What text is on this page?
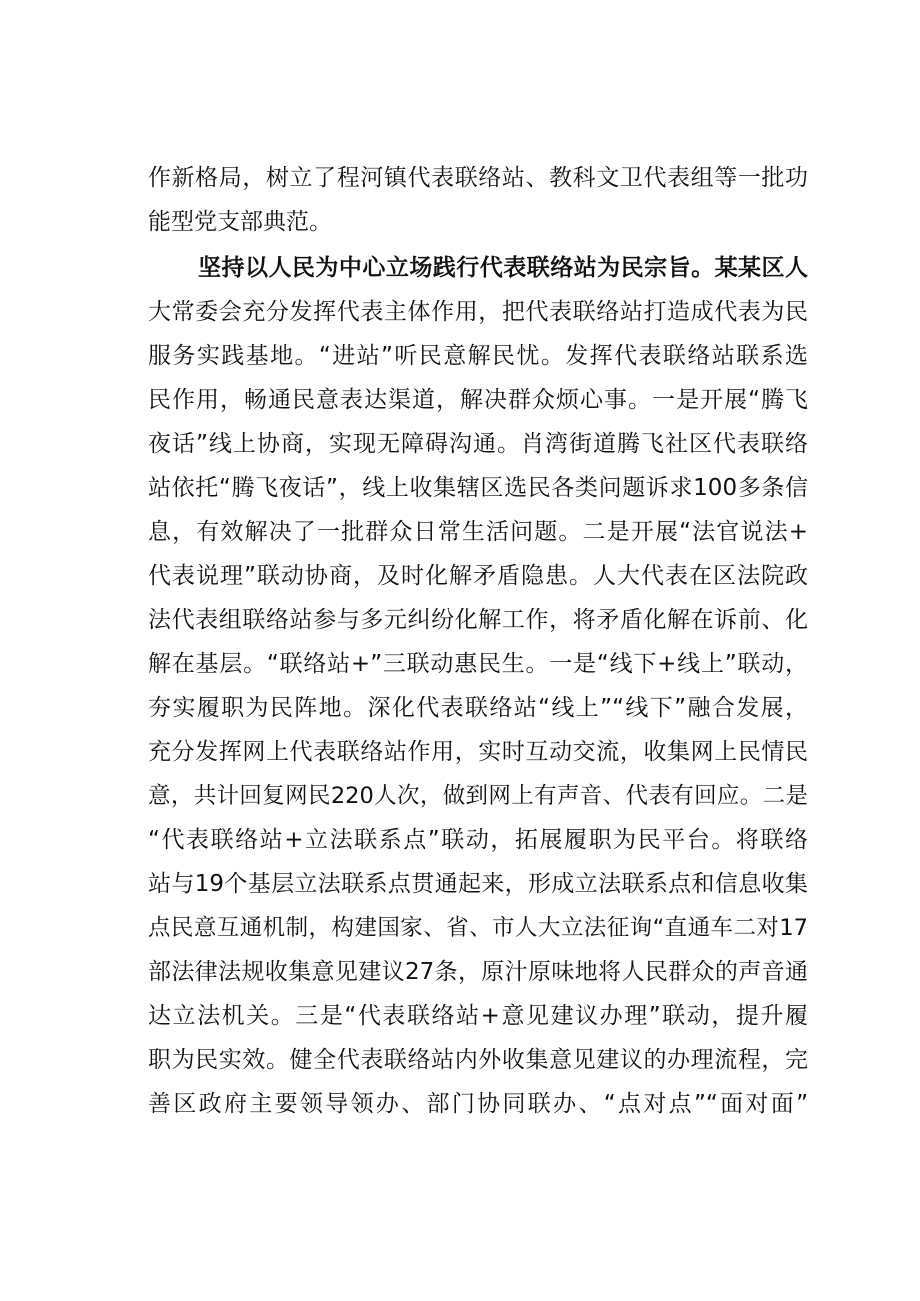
作新格局，树立了程河镇代表联络站、教科文卫代表组等一批功
能型党支部典范。
坚持以人民为中心立场践行代表联络站为民宗旨。某某区人
大常委会充分发挥代表主体作用，把代表联络站打造成代表为民
服务实践基地。“进站”听民意解民忧。发挥代表联络站联系选
民作用，畅通民意表达渠道，解决群众烦心事。一是开展“腾飞
夜话”线上协商，实现无障碍沟通。肖湾街道腾飞社区代表联络
站依托“腾飞夜话”，线上收集辖区选民各类问题诉求100多条信
息，有效解决了一批群众日常生活问题。二是开展“法官说法+
代表说理”联动协商，及时化解矛盾隐患。人大代表在区法院政
法代表组联络站参与多元纠纷化解工作，将矛盾化解在诉前、化
解在基层。“联络站+”三联动惠民生。一是“线下+线上”联动，
夯实履职为民阵地。深化代表联络站“线上”“线下”融合发展，
充分发挥网上代表联络站作用，实时互动交流，收集网上民情民
意，共计回复网民220人次，做到网上有声音、代表有回应。二是
“代表联络站+立法联系点”联动，拓展履职为民平台。将联络
站与19个基层立法联系点贯通起来，形成立法联系点和信息收集
点民意互通机制，构建国家、省、市人大立法征询“直通车二对17
部法律法规收集意见建议27条，原汁原味地将人民群众的声音通
达立法机关。三是“代表联络站+意见建议办理”联动，提升履
职为民实效。健全代表联络站内外收集意见建议的办理流程，完
善区政府主要领导领办、部门协同联办、“点对点”“面对面”
